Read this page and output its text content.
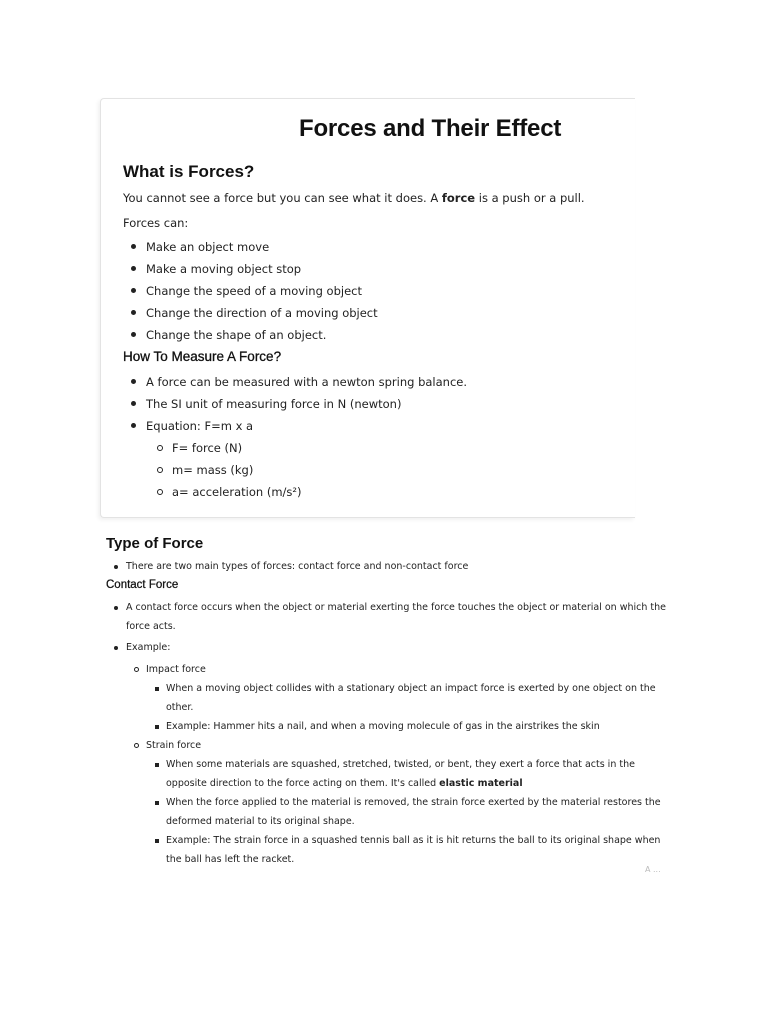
Forces and Their Effect
What is Forces?
You cannot see a force but you can see what it does. A force is a push or a pull.
Forces can:
Make an object move
Make a moving object stop
Change the speed of a moving object
Change the direction of a moving object
Change the shape of an object.
How To Measure A Force?
A force can be measured with a newton spring balance.
The SI unit of measuring force in N (newton)
Equation: F=m x a
F= force (N)
m= mass (kg)
a= acceleration (m/s²)
Type of Force
There are two main types of forces: contact force and non-contact force
Contact Force
A contact force occurs when the object or material exerting the force touches the object or material on which the
force acts.
Example:
Impact force
When a moving object collides with a stationary object an impact force is exerted by one object on the
other.
Example: Hammer hits a nail, and when a moving molecule of gas in the airstrikes the skin
Strain force
When some materials are squashed, stretched, twisted, or bent, they exert a force that acts in the
opposite direction to the force acting on them. It's called elastic material
When the force applied to the material is removed, the strain force exerted by the material restores the
deformed material to its original shape.
Example: The strain force in a squashed tennis ball as it is hit returns the ball to its original shape when
the ball has left the racket.
A ...
